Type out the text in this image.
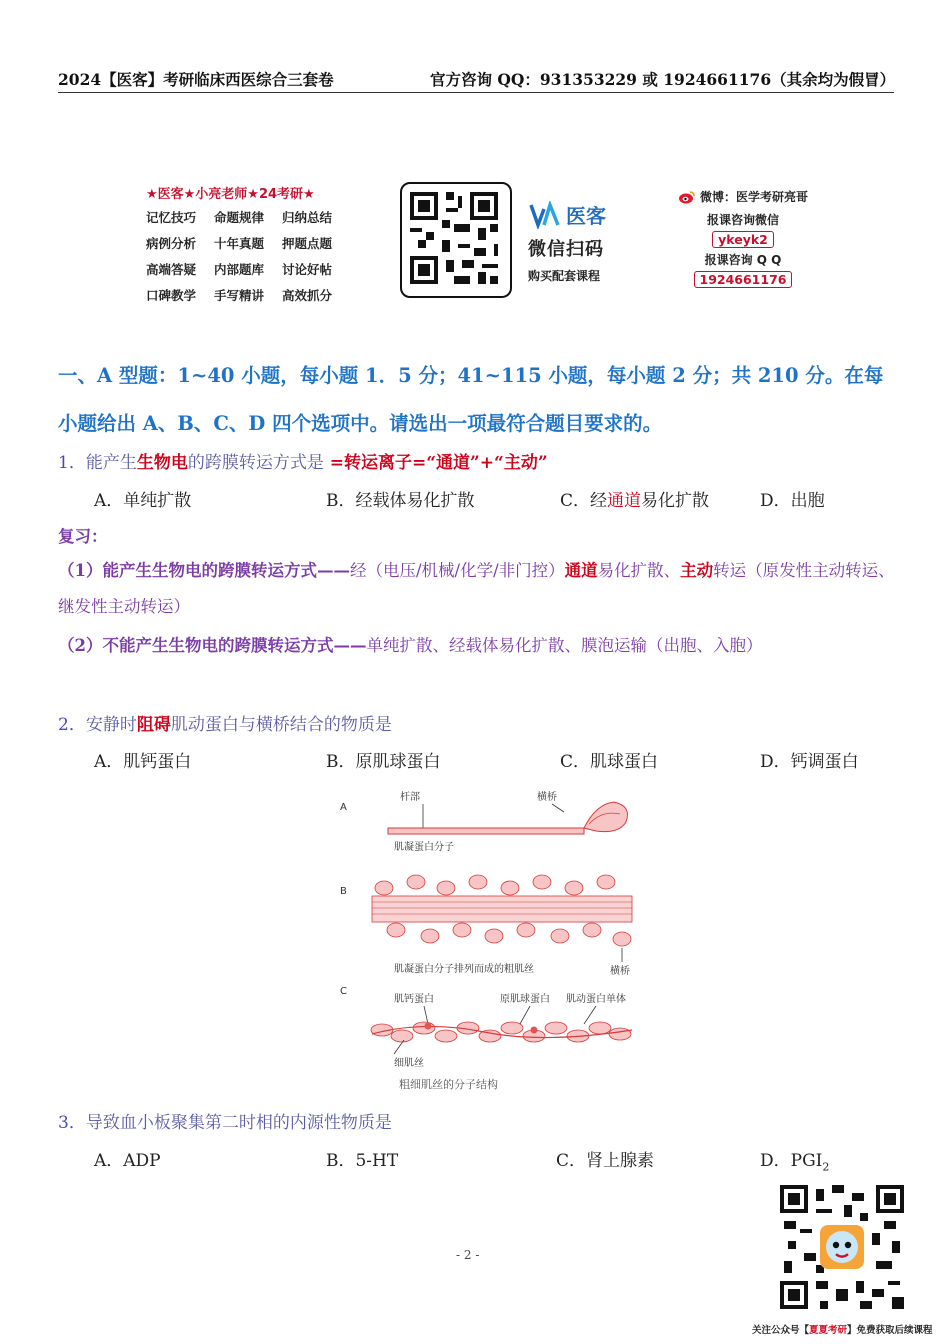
2024【医客】考研临床西医综合三套卷	官方咨询 QQ：931353229 或 1924661176（其余均为假冒）
★医客★小亮老师★24考研★
记忆技巧	命题规律	归纳总结
病例分析	十年真题	押题点题
高端答疑	内部题库	讨论好帖
口碑教学	手写精讲	高效抓分
医客
微信扫码
购买配套课程
微博：医学考研亮哥
报课咨询微信
ykeyk2
报课咨询 Q Q
1924661176
一、A 型题：1~40 小题，每小题 1．5 分；41~115 小题，每小题 2 分；共 210 分。在每小题给出 A、B、C、D 四个选项中。请选出一项最符合题目要求的。
1．能产生生物电的跨膜转运方式是 =转运离子=“通道”+“主动”
A．单纯扩散	B．经载体易化扩散	C．经通道易化扩散	D．出胞
复习：
（1）能产生生物电的跨膜转运方式——经（电压/机械/化学/非门控）通道易化扩散、主动转运（原发性主动转运、继发性主动转运）
（2）不能产生生物电的跨膜转运方式——单纯扩散、经载体易化扩散、膜泡运输（出胞、入胞）
2．安静时阻碍肌动蛋白与横桥结合的物质是
A．肌钙蛋白	B．原肌球蛋白	C．肌球蛋白	D．钙调蛋白
A
杆部	横桥
肌凝蛋白分子
B
肌凝蛋白分子排列而成的粗肌丝	横桥
C
肌钙蛋白	原肌球蛋白 肌动蛋白单体
细肌丝
粗细肌丝的分子结构
3．导致血小板聚集第二时相的内源性物质是
A．ADP	B．5-HT	C．肾上腺素	D．$PGI_2$
- 2 -
关注公众号【夏夏考研】免费获取后续课程
